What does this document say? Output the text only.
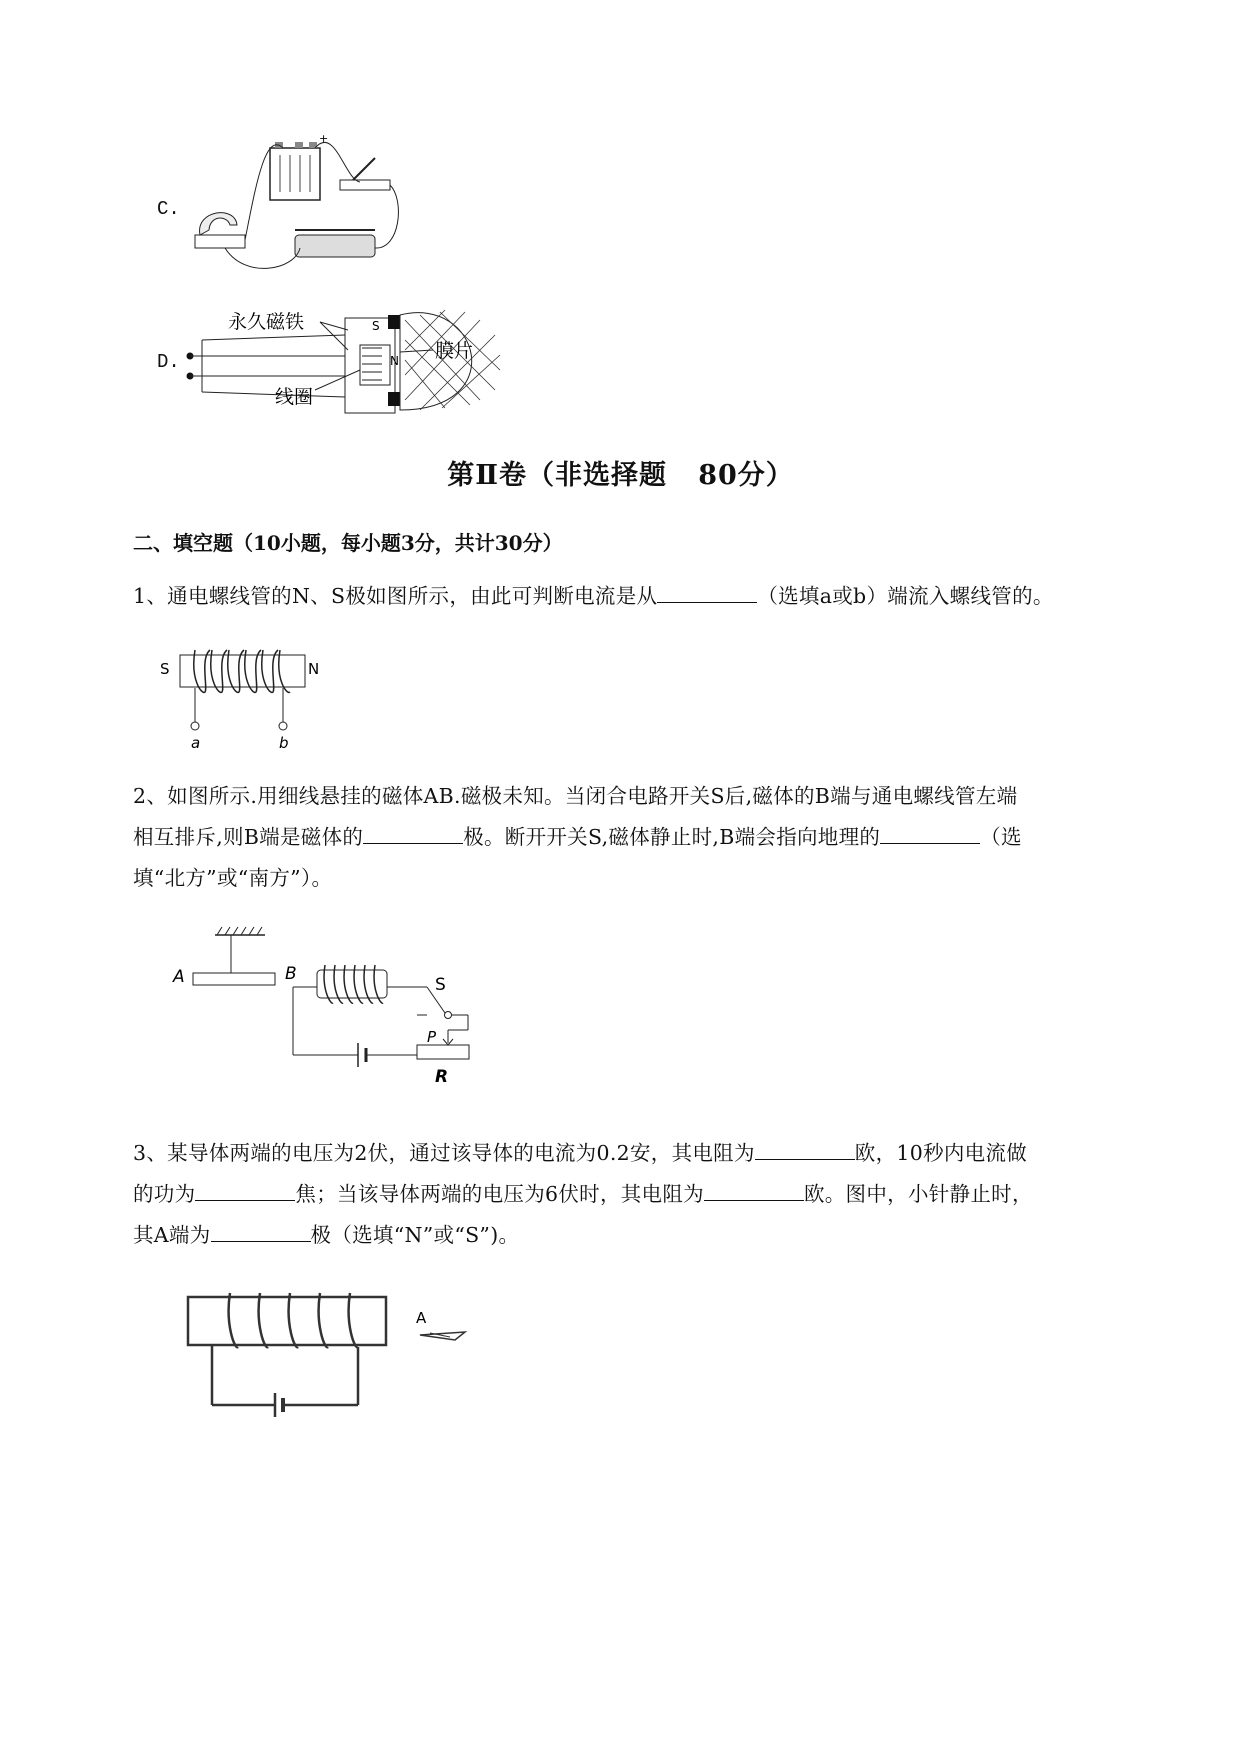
C.
+
D.
永久磁铁	S
N 膜片
线圈
第Ⅱ卷（非选择题   80分）
二、填空题（10小题，每小题3分，共计30分）
1、通电螺线管的N、S极如图所示，由此可判断电流是从	（选填a或b）端流入螺线管的。
S	N
a	b
2、如图所示.用细线悬挂的磁体AB.磁极未知。当闭合电路开关S后,磁体的B端与通电螺线管左端相互排斥,则B端是磁体的	极。断开开关S,磁体静止时,B端会指向地理的	（选填“北方”或“南方”）。
A	B
S
P
R
3、某导体两端的电压为2伏，通过该导体的电流为0.2安，其电阻为	欧，10秒内电流做的功为	焦；当该导体两端的电压为6伏时，其电阻为	欧。图中，小针静止时，其A端为	极（选填“N”或“S”)。
A
